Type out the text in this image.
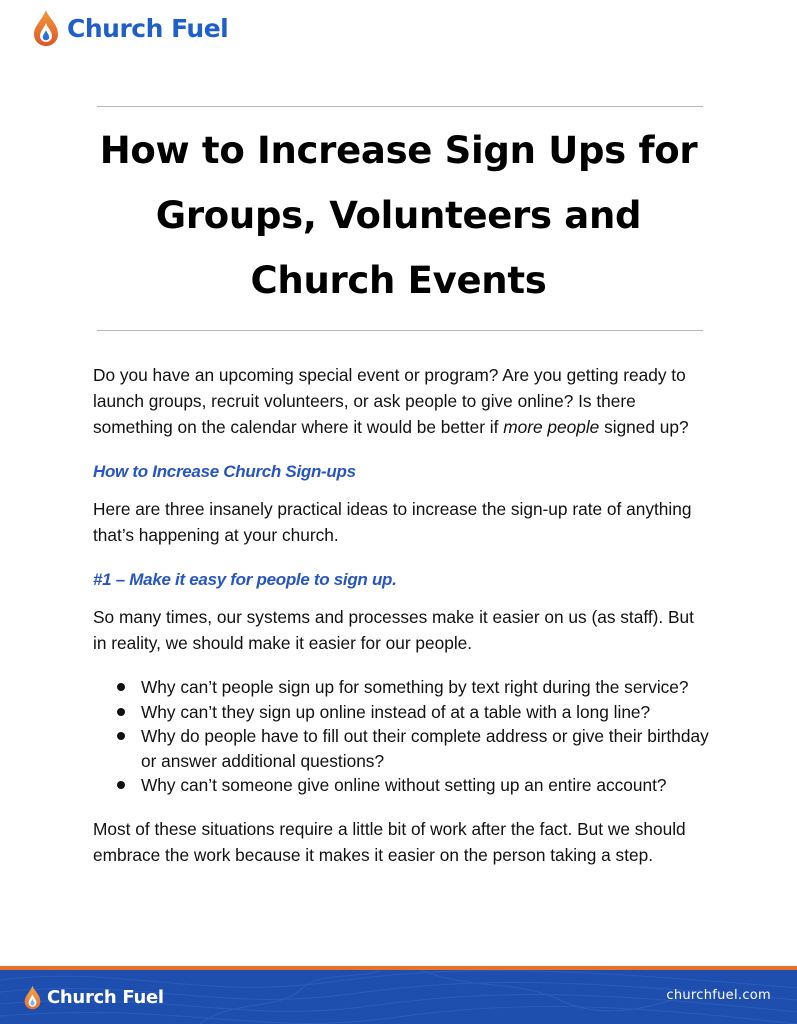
Church Fuel
How to Increase Sign Ups for
Groups, Volunteers and
Church Events

Do you have an upcoming special event or program? Are you getting ready to launch groups, recruit volunteers, or ask people to give online? Is there something on the calendar where it would be better if more people signed up?

How to Increase Church Sign-ups

Here are three insanely practical ideas to increase the sign-up rate of anything that’s happening at your church.

#1 – Make it easy for people to sign up.

So many times, our systems and processes make it easier on us (as staff). But in reality, we should make it easier for our people.

Why can’t people sign up for something by text right during the service?
Why can’t they sign up online instead of at a table with a long line?
Why do people have to fill out their complete address or give their birthday or answer additional questions?
Why can’t someone give online without setting up an entire account?

Most of these situations require a little bit of work after the fact. But we should embrace the work because it makes it easier on the person taking a step.

Church Fuel	churchfuel.com
